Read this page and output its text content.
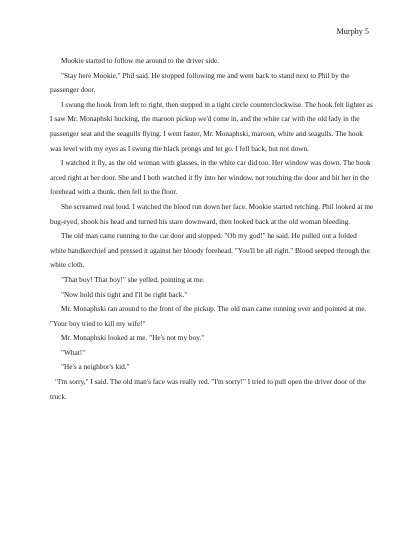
Murphy 5

Mookie started to follow me around to the driver side.

"Stay here Mookie," Phil said. He stopped following me and went back to stand next to Phil by the passenger door.

I swung the hook from left to right, then stepped in a tight circle counterclockwise. The hook felt lighter as I saw Mr. Monaphski hucking, the maroon pickup we'd come in, and the white car with the old lady in the passenger seat and the seagulls flying. I went faster, Mr. Monaphski, maroon, white and seagulls. The hook was level with my eyes as I swung the black prongs and let go. I fell back, but not down.

I watched it fly, as the old woman with glasses, in the white car did too. Her window was down. The hook arced right at her door. She and I both watched it fly into her window, not touching the door and hit her in the forehead with a thunk, then fell to the floor.

She screamed real loud. I watched the blood run down her face. Mookie started retching. Phil looked at me bug-eyed, shook his head and turned his stare downward, then looked back at the old woman bleeding.

The old man came running to the car door and stopped. "Oh my god!" he said. He pulled out a folded white handkerchief and pressed it against her bloody forehead. "You'll be all right." Blood seeped through the white cloth.

"That boy! That boy!" she yelled, pointing at me.

"Now hold this tight and I'll be right back."

Mr. Monaphski ran around to the front of the pickup. The old man came running over and pointed at me. "Your boy tried to kill my wife!"

Mr. Monaphski looked at me. "He's not my boy."

"What!"

"He's a neighbor's kid."

"I'm sorry," I said. The old man's face was really red. "I'm sorry!" I tried to pull open the driver door of the truck.
